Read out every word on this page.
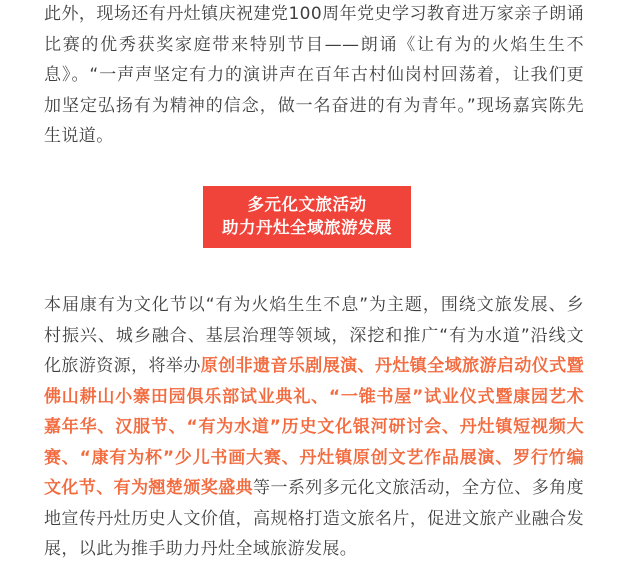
此外，现场还有丹灶镇庆祝建党100周年党史学习教育进万家亲子朗诵比赛的优秀获奖家庭带来特别节目——朗诵《让有为的火焰生生不息》。“一声声坚定有力的演讲声在百年古村仙岗村回荡着，让我们更加坚定弘扬有为精神的信念，做一名奋进的有为青年。”现场嘉宾陈先生说道。

多元化文旅活动
助力丹灶全域旅游发展

本届康有为文化节以“有为火焰生生不息”为主题，围绕文旅发展、乡村振兴、城乡融合、基层治理等领域，深挖和推广“有为水道”沿线文化旅游资源，将举办原创非遗音乐剧展演、丹灶镇全域旅游启动仪式暨佛山耕山小寨田园俱乐部试业典礼、“一锥书屋”试业仪式暨康园艺术嘉年华、汉服节、“有为水道”历史文化银河研讨会、丹灶镇短视频大赛、“康有为杯”少儿书画大赛、丹灶镇原创文艺作品展演、罗行竹编文化节、有为翘楚颁奖盛典等一系列多元化文旅活动，全方位、多角度地宣传丹灶历史人文价值，高规格打造文旅名片，促进文旅产业融合发展，以此为推手助力丹灶全域旅游发展。
